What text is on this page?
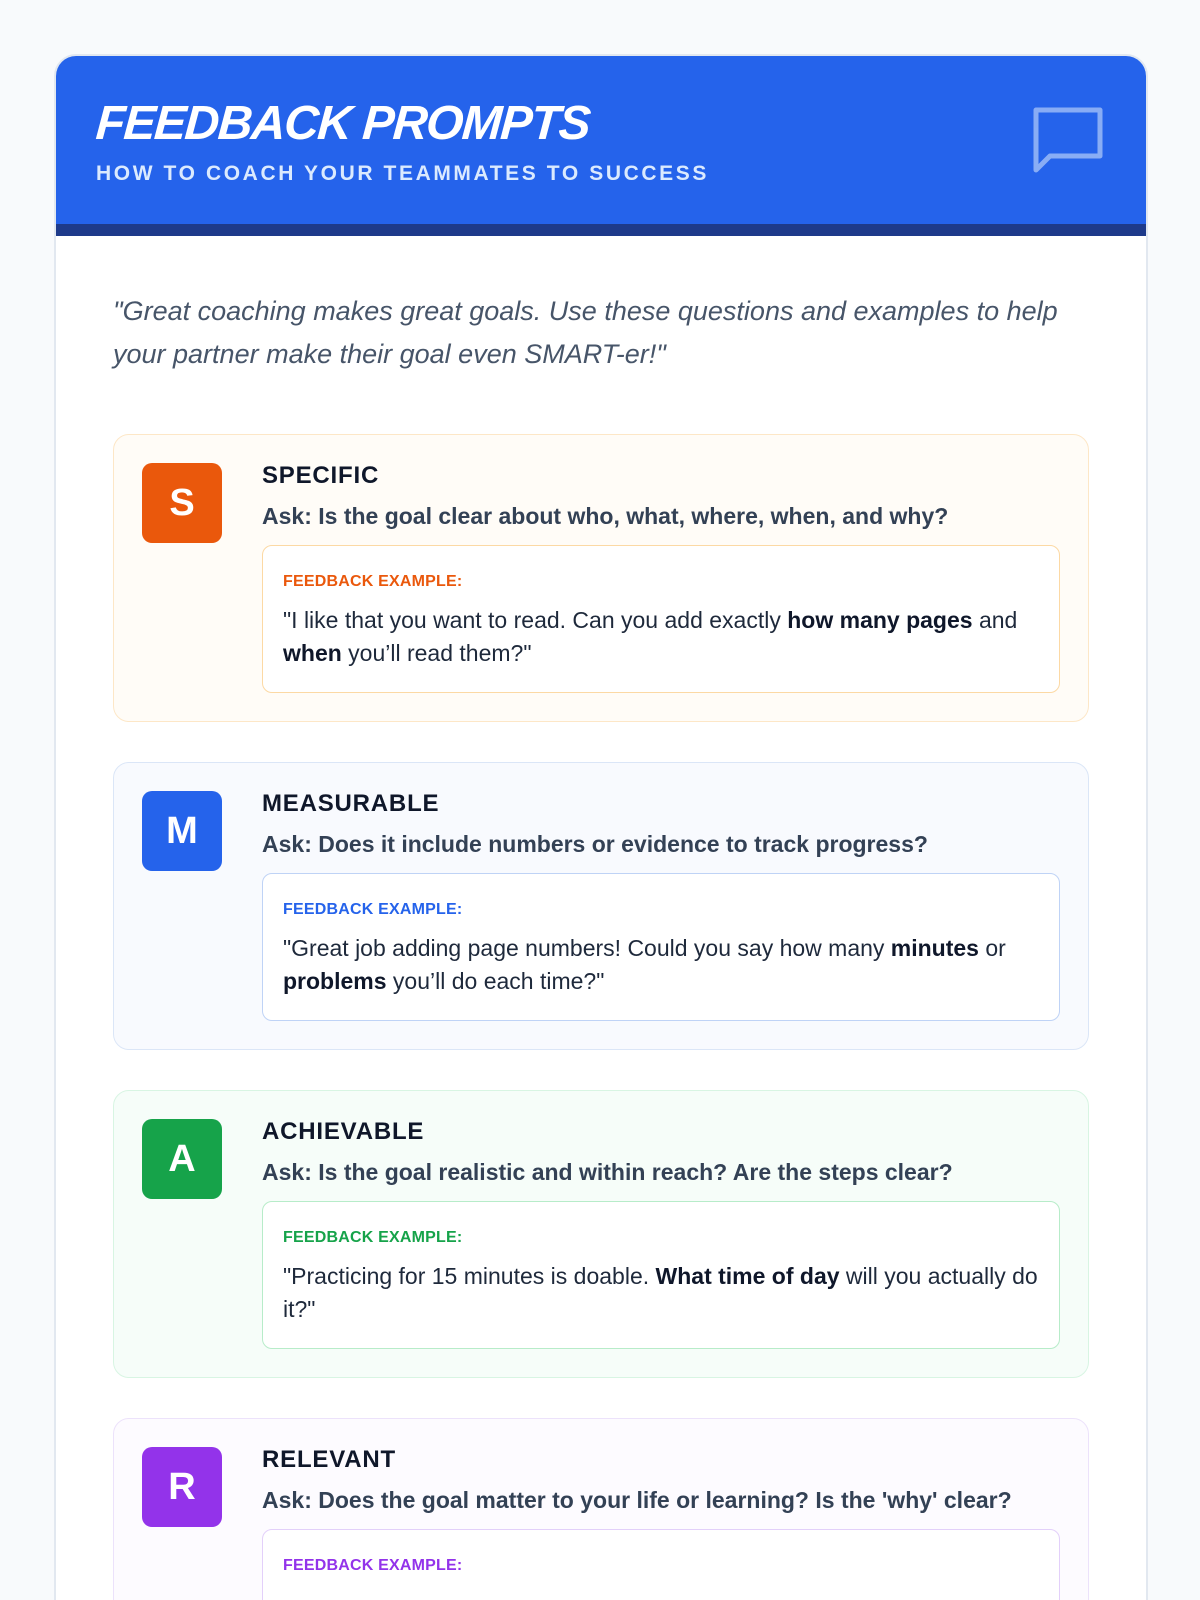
FEEDBACK PROMPTS
HOW TO COACH YOUR TEAMMATES TO SUCCESS

"Great coaching makes great goals. Use these questions and examples to help your partner make their goal even SMART-er!"

S
SPECIFIC
Ask: Is the goal clear about who, what, where, when, and why?
FEEDBACK EXAMPLE:
"I like that you want to read. Can you add exactly how many pages and when you’ll read them?"
M
MEASURABLE
Ask: Does it include numbers or evidence to track progress?
FEEDBACK EXAMPLE:
"Great job adding page numbers! Could you say how many minutes or problems you’ll do each time?"
A
ACHIEVABLE
Ask: Is the goal realistic and within reach? Are the steps clear?
FEEDBACK EXAMPLE:
"Practicing for 15 minutes is doable. What time of day will you actually do it?"
R
RELEVANT
Ask: Does the goal matter to your life or learning? Is the 'why' clear?
FEEDBACK EXAMPLE:
